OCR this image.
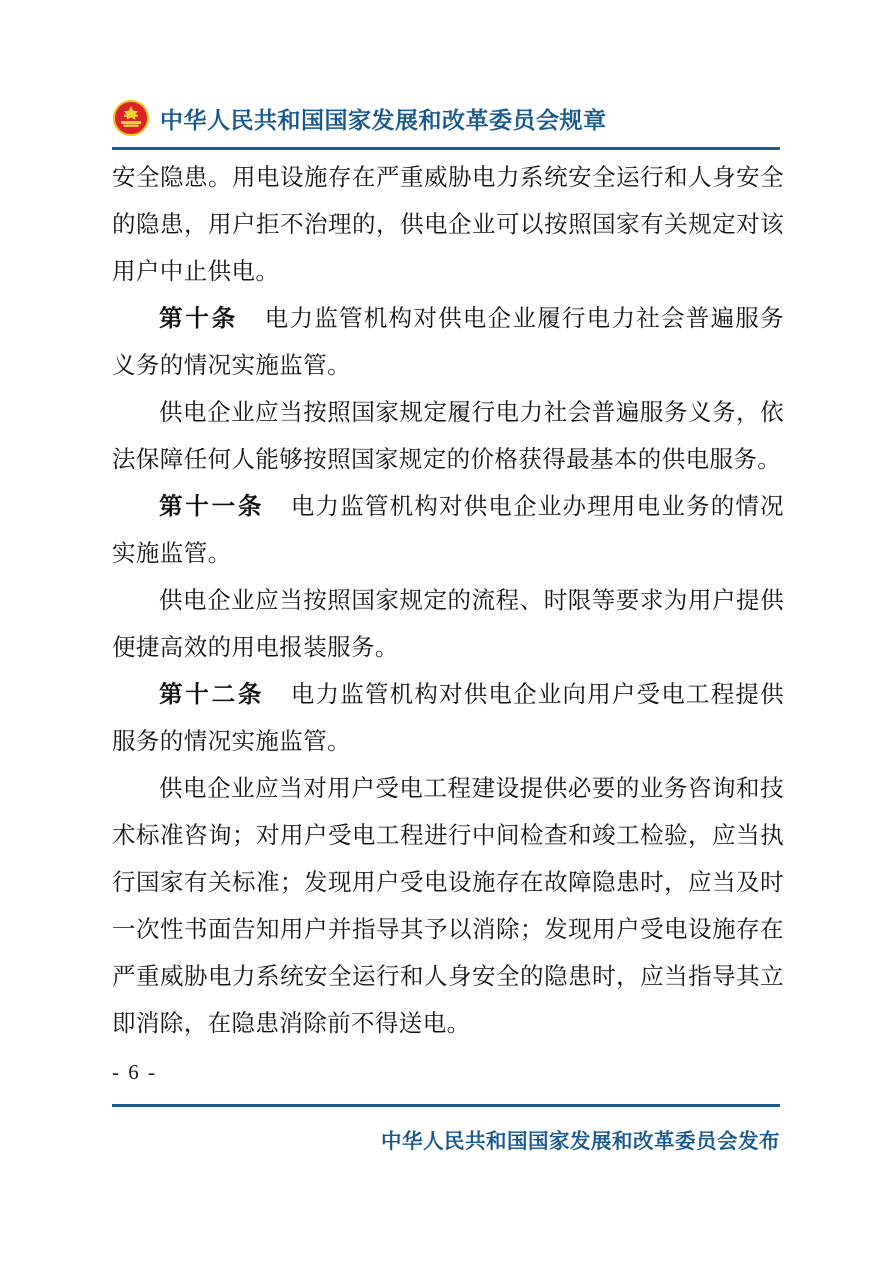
中华人民共和国国家发展和改革委员会规章

安全隐患。用电设施存在严重威胁电力系统安全运行和人身安全的隐患，用户拒不治理的，供电企业可以按照国家有关规定对该用户中止供电。

第十条 电力监管机构对供电企业履行电力社会普遍服务义务的情况实施监管。

供电企业应当按照国家规定履行电力社会普遍服务义务，依法保障任何人能够按照国家规定的价格获得最基本的供电服务。

第十一条 电力监管机构对供电企业办理用电业务的情况实施监管。

供电企业应当按照国家规定的流程、时限等要求为用户提供便捷高效的用电报装服务。

第十二条 电力监管机构对供电企业向用户受电工程提供服务的情况实施监管。

供电企业应当对用户受电工程建设提供必要的业务咨询和技术标准咨询；对用户受电工程进行中间检查和竣工检验，应当执行国家有关标准；发现用户受电设施存在故障隐患时，应当及时一次性书面告知用户并指导其予以消除；发现用户受电设施存在严重威胁电力系统安全运行和人身安全的隐患时，应当指导其立即消除，在隐患消除前不得送电。

- 6 -
中华人民共和国国家发展和改革委员会发布
